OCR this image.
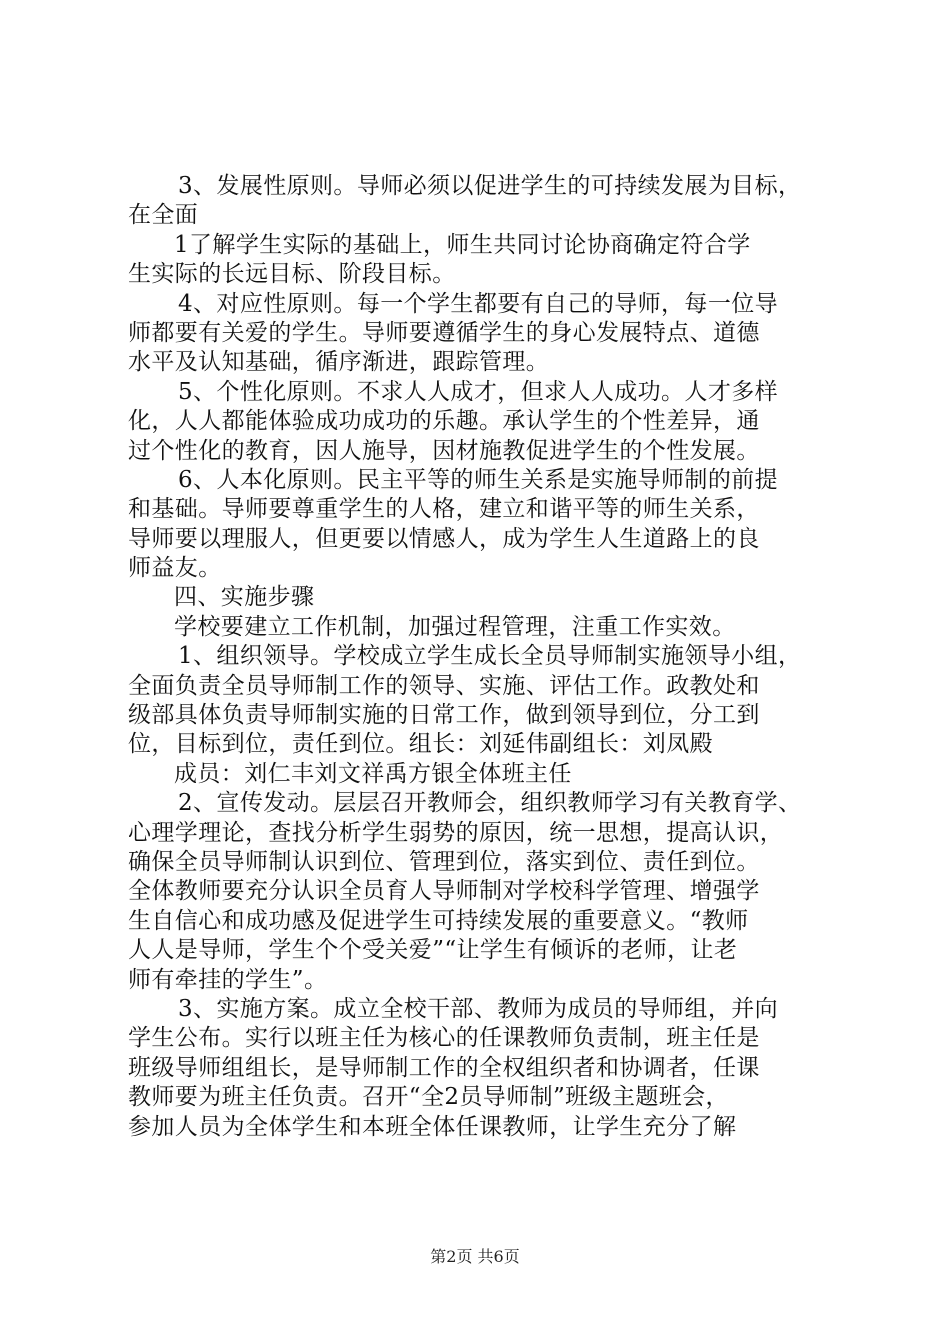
3、发展性原则。导师必须以促进学生的可持续发展为目标，
在全面
1了解学生实际的基础上，师生共同讨论协商确定符合学
生实际的长远目标、阶段目标。
4、对应性原则。每一个学生都要有自己的导师，每一位导
师都要有关爱的学生。导师要遵循学生的身心发展特点、道德
水平及认知基础，循序渐进，跟踪管理。
5、个性化原则。不求人人成才，但求人人成功。人才多样
化，人人都能体验成功成功的乐趣。承认学生的个性差异，通
过个性化的教育，因人施导，因材施教促进学生的个性发展。
6、人本化原则。民主平等的师生关系是实施导师制的前提
和基础。导师要尊重学生的人格，建立和谐平等的师生关系，
导师要以理服人，但更要以情感人，成为学生人生道路上的良
师益友。
四、实施步骤
学校要建立工作机制，加强过程管理，注重工作实效。
1、组织领导。学校成立学生成长全员导师制实施领导小组，
全面负责全员导师制工作的领导、实施、评估工作。政教处和
级部具体负责导师制实施的日常工作，做到领导到位，分工到
位，目标到位，责任到位。组长：刘延伟副组长：刘凤殿
成员：刘仁丰刘文祥禹方银全体班主任
2、宣传发动。层层召开教师会，组织教师学习有关教育学、
心理学理论，查找分析学生弱势的原因，统一思想，提高认识，
确保全员导师制认识到位、管理到位，落实到位、责任到位。
全体教师要充分认识全员育人导师制对学校科学管理、增强学
生自信心和成功感及促进学生可持续发展的重要意义。“教师
人人是导师，学生个个受关爱”“让学生有倾诉的老师，让老
师有牵挂的学生”。
3、实施方案。成立全校干部、教师为成员的导师组，并向
学生公布。实行以班主任为核心的任课教师负责制，班主任是
班级导师组组长，是导师制工作的全权组织者和协调者，任课
教师要为班主任负责。召开“全2员导师制”班级主题班会，
参加人员为全体学生和本班全体任课教师，让学生充分了解
第2页 共6页
